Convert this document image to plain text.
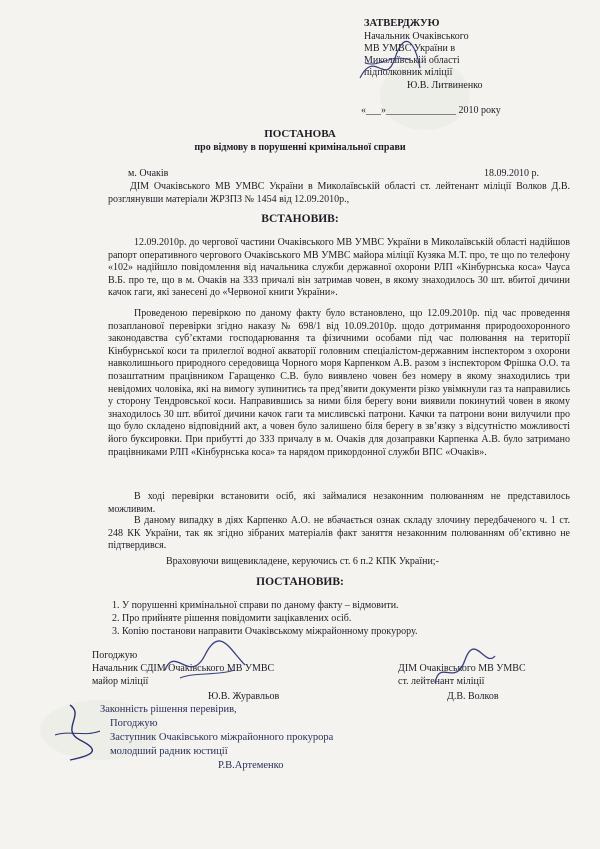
ЗАТВЕРДЖУЮ
Начальник Очаківського
МВ УМВС України в
Миколаївській області
підполковник міліції
Ю.В. Литвиненко
«___»______________ 2010 року
ПОСТАНОВА
про відмову в порушенні кримінальної справи
м. Очаків	18.09.2010 р.
ДІМ Очаківського МВ УМВС України в Миколаївській області ст. лейтенант міліції Волков Д.В. розглянувши матеріали ЖРЗПЗ № 1454 від 12.09.2010р.,
ВСТАНОВИВ:
12.09.2010р. до чергової частини Очаківського МВ УМВС України в Миколаївській області надійшов рапорт оперативного чергового Очаківського МВ УМВС майора міліції Кузяка М.Т. про, те що по телефону «102» надійшло повідомлення від начальника служби державної охорони РЛП «Кінбурнська коса» Чауса В.Б. про те, що в м. Очаків на 333 причалі він затримав човен, в якому знаходилось 30 шт. вбитої дичини качок гаги, які занесені до «Червоної книги України».
Проведеною перевіркою по даному факту було встановлено, що 12.09.2010р. під час проведення позапланової перевірки згідно наказу № 698/1 від 10.09.2010р. щодо дотримання природоохоронного законодавства суб’єктами господарювання та фізичними особами під час полювання на території Кінбурнської коси та прилеглої водної акваторії головним спеціалістом-державним інспектором з охорони навколишнього природного середовища Чорного моря Карпенком А.В. разом з інспектором Фрішка О.О. та позаштатним працівником Гаращенко С.В. було виявлено човен без номеру в якому знаходились три невідомих чоловіка, які на вимогу зупинитись та пред’явити документи різко увімкнули газ та направились у сторону Тендровської коси. Направившись за ними біля берегу вони виявили покинутий човен в якому знаходилось 30 шт. вбитої дичини качок гаги та мисливські патрони. Качки та патрони вони вилучили про що було складено відповідний акт, а човен було залишено біля берегу в зв’язку з відсутністю можливості його буксировки. При прибутті до 333 причалу в м. Очаків для дозаправки Карпенка А.В. було затримано працівниками РЛП «Кінбурнська коса» та нарядом прикордонної служби ВПС «Очаків».
В ході перевірки встановити осіб, які займалися незаконним полюванням не представилось можливим.
В даному випадку в діях Карпенко А.О. не вбачається ознак складу злочину передбаченого ч. 1 ст. 248 КК України, так як згідно зібраних матеріалів факт заняття незаконним полюванням об’єктивно не підтвердився.
Враховуючи вищевикладене, керуючись ст. 6 п.2 КПК України;-
ПОСТАНОВИВ:
1. У порушенні кримінальної справи по даному факту – відмовити.
2. Про прийняте рішення повідомити зацікавлених осіб.
3. Копію постанови направити Очаківському міжрайонному прокурору.
Погоджую
Начальник СДІМ Очаківського МВ УМВС
майор міліції
Ю.В. Журавльов
ДІМ Очаківського МВ УМВС
ст. лейтенант міліції
Д.В. Волков
Законність рішення перевірив,
Погоджую
Заступник Очаківського міжрайонного прокурора
молодший радник юстиції
Р.В.Артеменко
